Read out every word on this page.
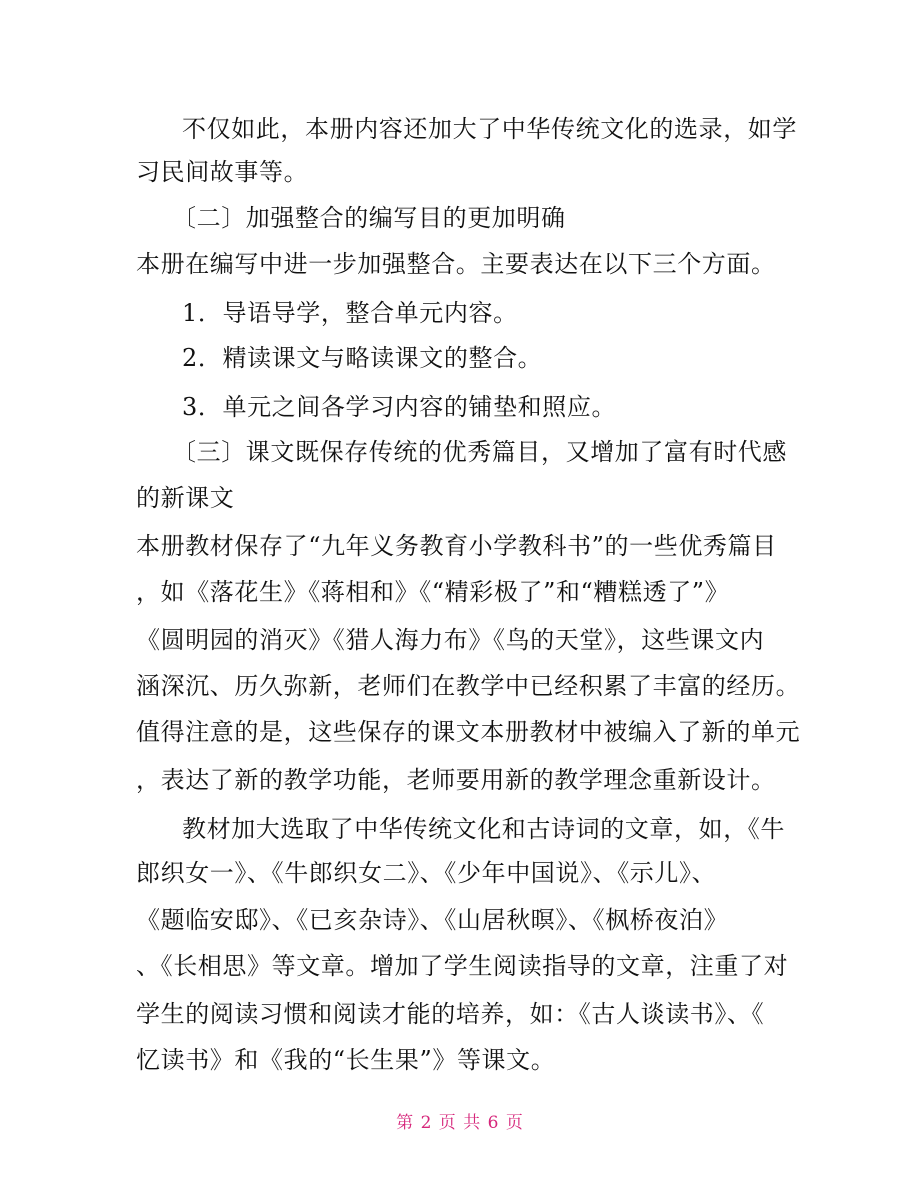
不仅如此，本册内容还加大了中华传统文化的选录，如学
习民间故事等。
〔二〕加强整合的编写目的更加明确
本册在编写中进一步加强整合。主要表达在以下三个方面。
1．导语导学，整合单元内容。
2．精读课文与略读课文的整合。
3．单元之间各学习内容的铺垫和照应。
〔三〕课文既保存传统的优秀篇目，又增加了富有时代感
的新课文
本册教材保存了“九年义务教育小学教科书”的一些优秀篇目
，如《落花生》《蒋相和》《“精彩极了”和“糟糕透了”》
《圆明园的消灭》《猎人海力布》《鸟的天堂》，这些课文内
涵深沉、历久弥新，老师们在教学中已经积累了丰富的经历。
值得注意的是，这些保存的课文本册教材中被编入了新的单元
，表达了新的教学功能，老师要用新的教学理念重新设计。
教材加大选取了中华传统文化和古诗词的文章，如，《牛
郎织女一》、《牛郎织女二》、《少年中国说》、《示儿》、
《题临安邸》、《已亥杂诗》、《山居秋暝》、《枫桥夜泊》
、《长相思》等文章。增加了学生阅读指导的文章，注重了对
学生的阅读习惯和阅读才能的培养，如：《古人谈读书》、《
忆读书》和《我的“长生果”》等课文。
第 2 页 共 6 页
